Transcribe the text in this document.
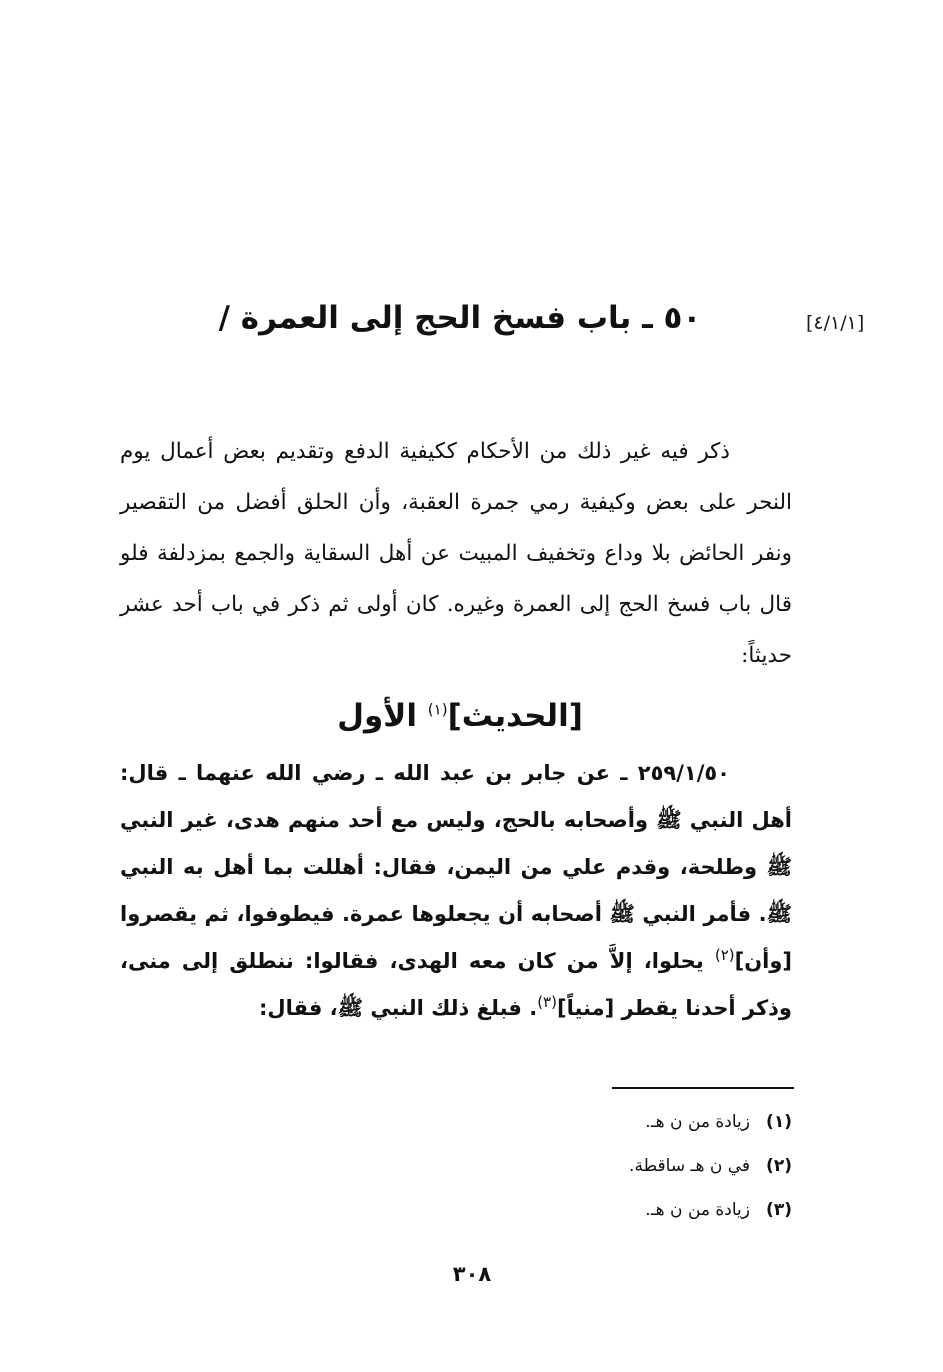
[٤/١/١]
٥٠ ـ باب فسخ الحج إلى العمرة /

ذكر فيه غير ذلك من الأحكام ككيفية الدفع وتقديم بعض أعمال يوم النحر على بعض وكيفية رمي جمرة العقبة، وأن الحلق أفضل من التقصير ونفر الحائض بلا وداع وتخفيف المبيت عن أهل السقاية والجمع بمزدلفة فلو قال باب فسخ الحج إلى العمرة وغيره. كان أولى ثم ذكر في باب أحد عشر حديثاً:

[الحديث]$^{(١)}$ الأول

٢٥٩/١/٥٠ ـ عن جابر بن عبد الله ـ رضي الله عنهما ـ قال: أهل النبي ﷺ وأصحابه بالحج، وليس مع أحد منهم هدى، غير النبي ﷺ وطلحة، وقدم علي من اليمن، فقال: أهللت بما أهل به النبي ﷺ. فأمر النبي ﷺ أصحابه أن يجعلوها عمرة. فيطوفوا، ثم يقصروا [وأن]$^{(٢)}$ يحلوا، إلاَّ من كان معه الهدى، فقالوا: ننطلق إلى منى، وذكر أحدنا يقطر [منياً]$^{(٣)}$. فبلغ ذلك النبي ﷺ، فقال:

(١)زيادة من ن هـ.
(٢)في ن هـ ساقطة.
(٣)زيادة من ن هـ.
٣٠٨
